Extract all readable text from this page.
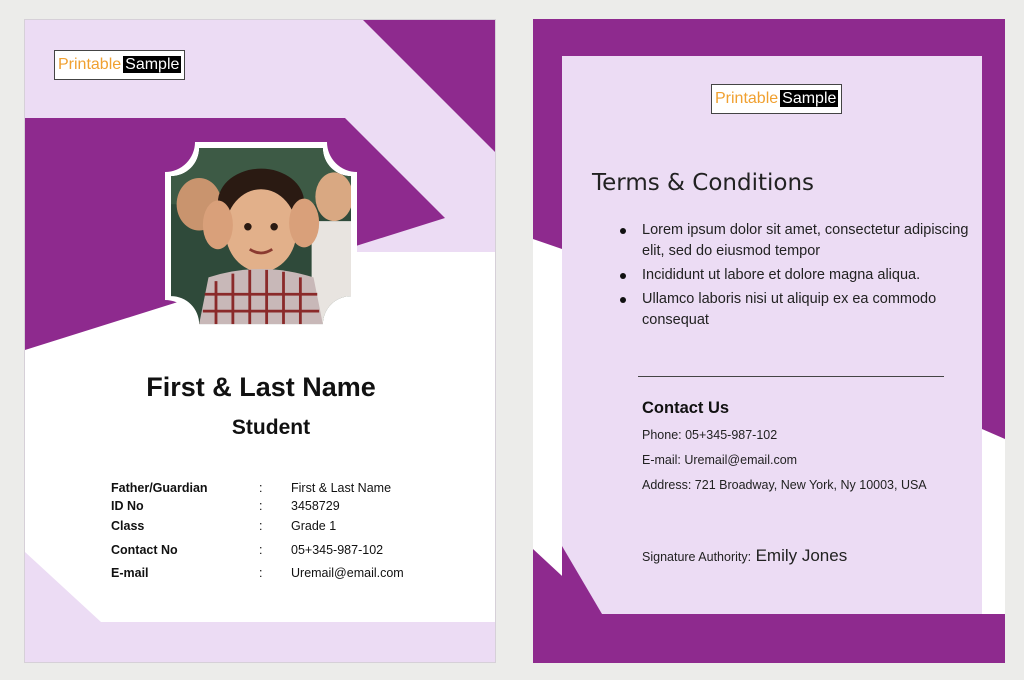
Printable Sample
First & Last Name
Student
Father/Guardian	: First & Last Name
ID No	: 3458729
Class	: Grade 1
Contact No	: 05+345-987-102
E-mail	: Uremail@email.com
Printable Sample
Terms & Conditions
Lorem ipsum dolor sit amet, consectetur adipiscing elit, sed do eiusmod tempor
Incididunt ut labore et dolore magna aliqua.
Ullamco laboris nisi ut aliquip ex ea commodo consequat
Contact Us
Phone: 05+345-987-102
E-mail: Uremail@email.com
Address: 721 Broadway, New York, Ny 10003, USA
Signature Authority: Emily Jones
